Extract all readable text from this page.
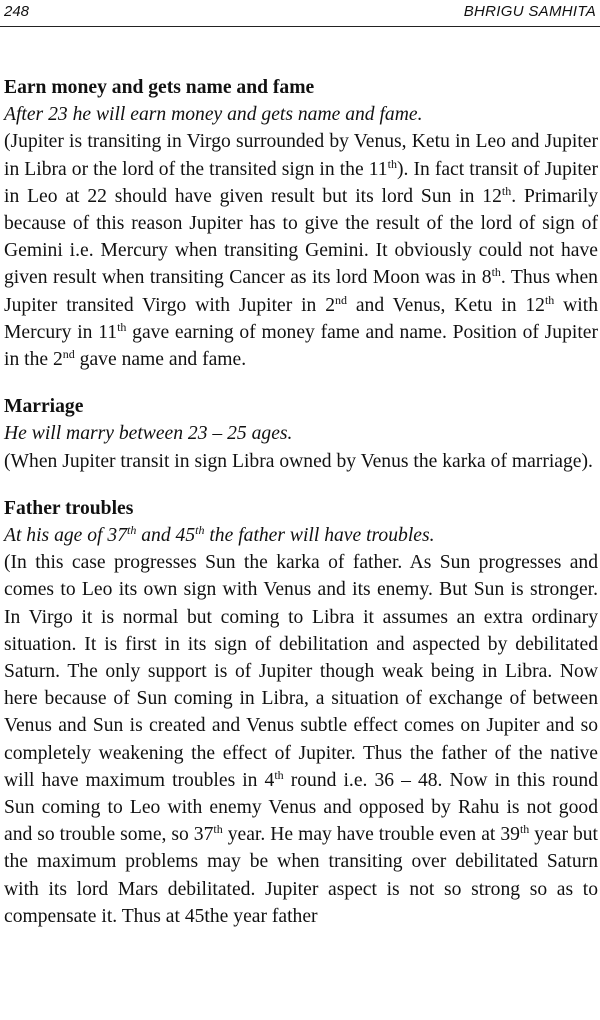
248	BHRIGU SAMHITA
Earn money and gets name and fame
After 23 he will earn money and gets name and fame.

(Jupiter is transiting in Virgo surrounded by Venus, Ketu in Leo and Jupiter in Libra or the lord of the transited sign in the 11th). In fact transit of Jupiter in Leo at 22 should have given result but its lord Sun in 12th. Primarily because of this reason Jupiter has to give the result of the lord of sign of Gemini i.e. Mercury when transiting Gemini. It obviously could not have given result when transiting Cancer as its lord Moon was in 8th. Thus when Jupiter transited Virgo with Jupiter in 2nd and Venus, Ketu in 12th with Mercury in 11th gave earning of money fame and name. Position of Jupiter in the 2nd gave name and fame.

Marriage
He will marry between 23 – 25 ages.

(When Jupiter transit in sign Libra owned by Venus the karka of marriage).

Father troubles
At his age of 37th and 45th the father will have troubles.

(In this case progresses Sun the karka of father. As Sun progresses and comes to Leo its own sign with Venus and its enemy. But Sun is stronger. In Virgo it is normal but coming to Libra it assumes an extra ordinary situation. It is first in its sign of debilitation and aspected by debilitated Saturn. The only support is of Jupiter though weak being in Libra. Now here because of Sun coming in Libra, a situation of exchange of between Venus and Sun is created and Venus subtle effect comes on Jupiter and so completely weakening the effect of Jupiter. Thus the father of the native will have maximum troubles in 4th round i.e. 36 – 48. Now in this round Sun coming to Leo with enemy Venus and opposed by Rahu is not good and so trouble some, so 37th year. He may have trouble even at 39th year but the maximum problems may be when transiting over debilitated Saturn with its lord Mars debilitated. Jupiter aspect is not so strong so as to compensate it. Thus at 45the year father
